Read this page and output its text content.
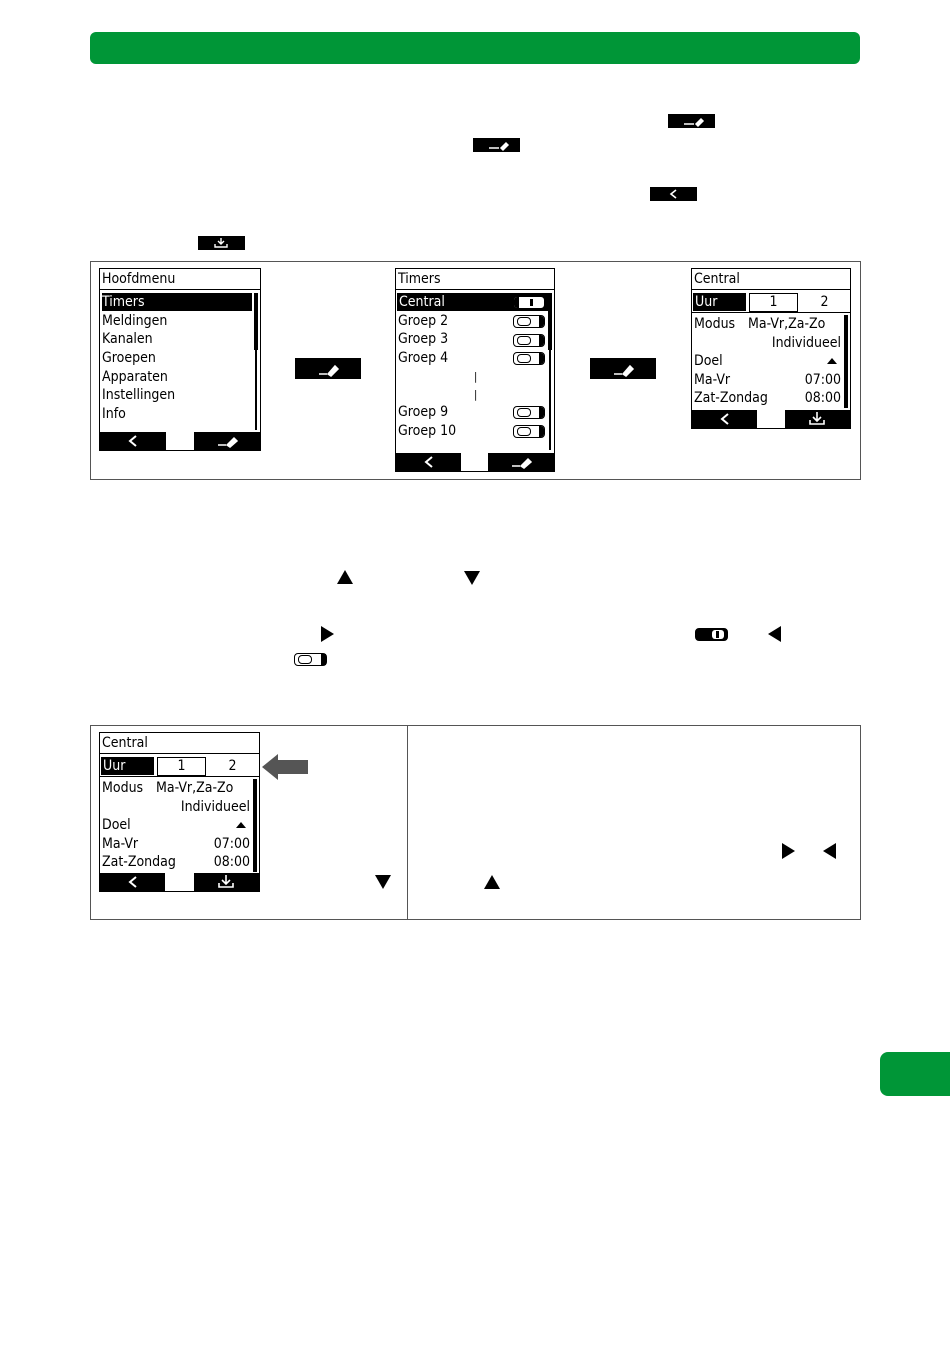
Hoofdmenu
Timers
Meldingen
Kanalen
Groepen
Apparaten
Instellingen
Info
Timers
Central
Groep 2
Groep 3
Groep 4
|
|
Groep 9
Groep 10
Central
Uur	1	2
Modus Ma-Vr,Za-Zo
Individueel
Doel
Ma-Vr	07:00
Zat-Zondag	08:00
Central
Uur	1	2
Modus Ma-Vr,Za-Zo
Individueel
Doel
Ma-Vr	07:00
Zat-Zondag	08:00
